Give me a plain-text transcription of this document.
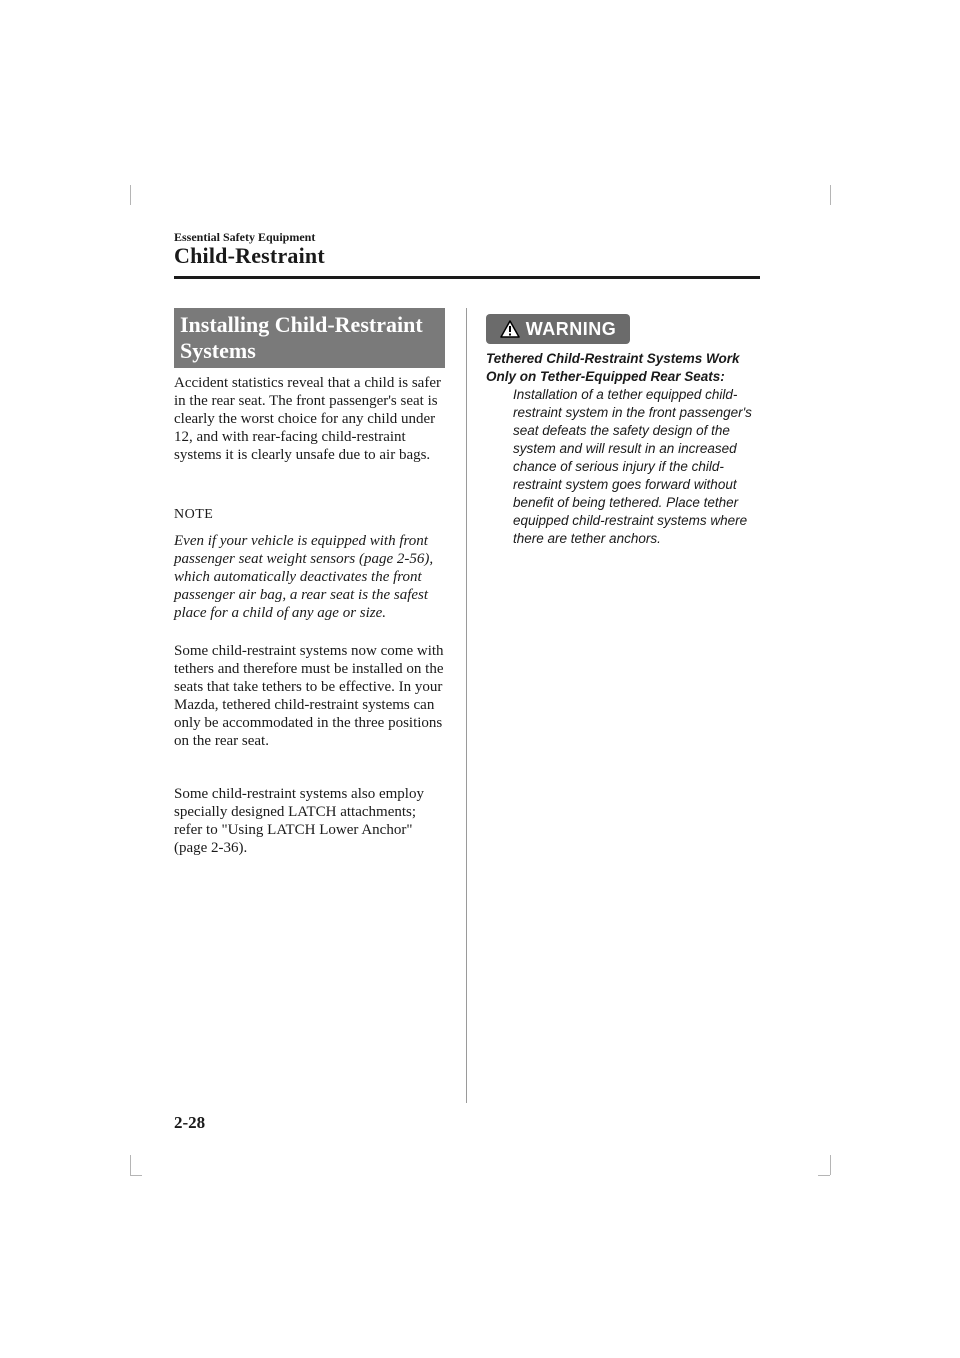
Essential Safety Equipment

Child-Restraint
Installing Child-Restraint Systems

Accident statistics reveal that a child is safer in the rear seat. The front passenger's seat is clearly the worst choice for any child under 12, and with rear-facing child-restraint systems it is clearly unsafe due to air bags.

NOTE

Even if your vehicle is equipped with front passenger seat weight sensors (page 2-56), which automatically deactivates the front passenger air bag, a rear seat is the safest place for a child of any age or size.

Some child-restraint systems now come with tethers and therefore must be installed on the seats that take tethers to be effective. In your Mazda, tethered child-restraint systems can only be accommodated in the three positions on the rear seat.

Some child-restraint systems also employ specially designed LATCH attachments; refer to "Using LATCH Lower Anchor" (page 2-36).

WARNING

Tethered Child-Restraint Systems Work Only on Tether-Equipped Rear Seats:

Installation of a tether equipped child-restraint system in the front passenger's seat defeats the safety design of the system and will result in an increased chance of serious injury if the child-restraint system goes forward without benefit of being tethered. Place tether equipped child-restraint systems where there are tether anchors.

2-28
